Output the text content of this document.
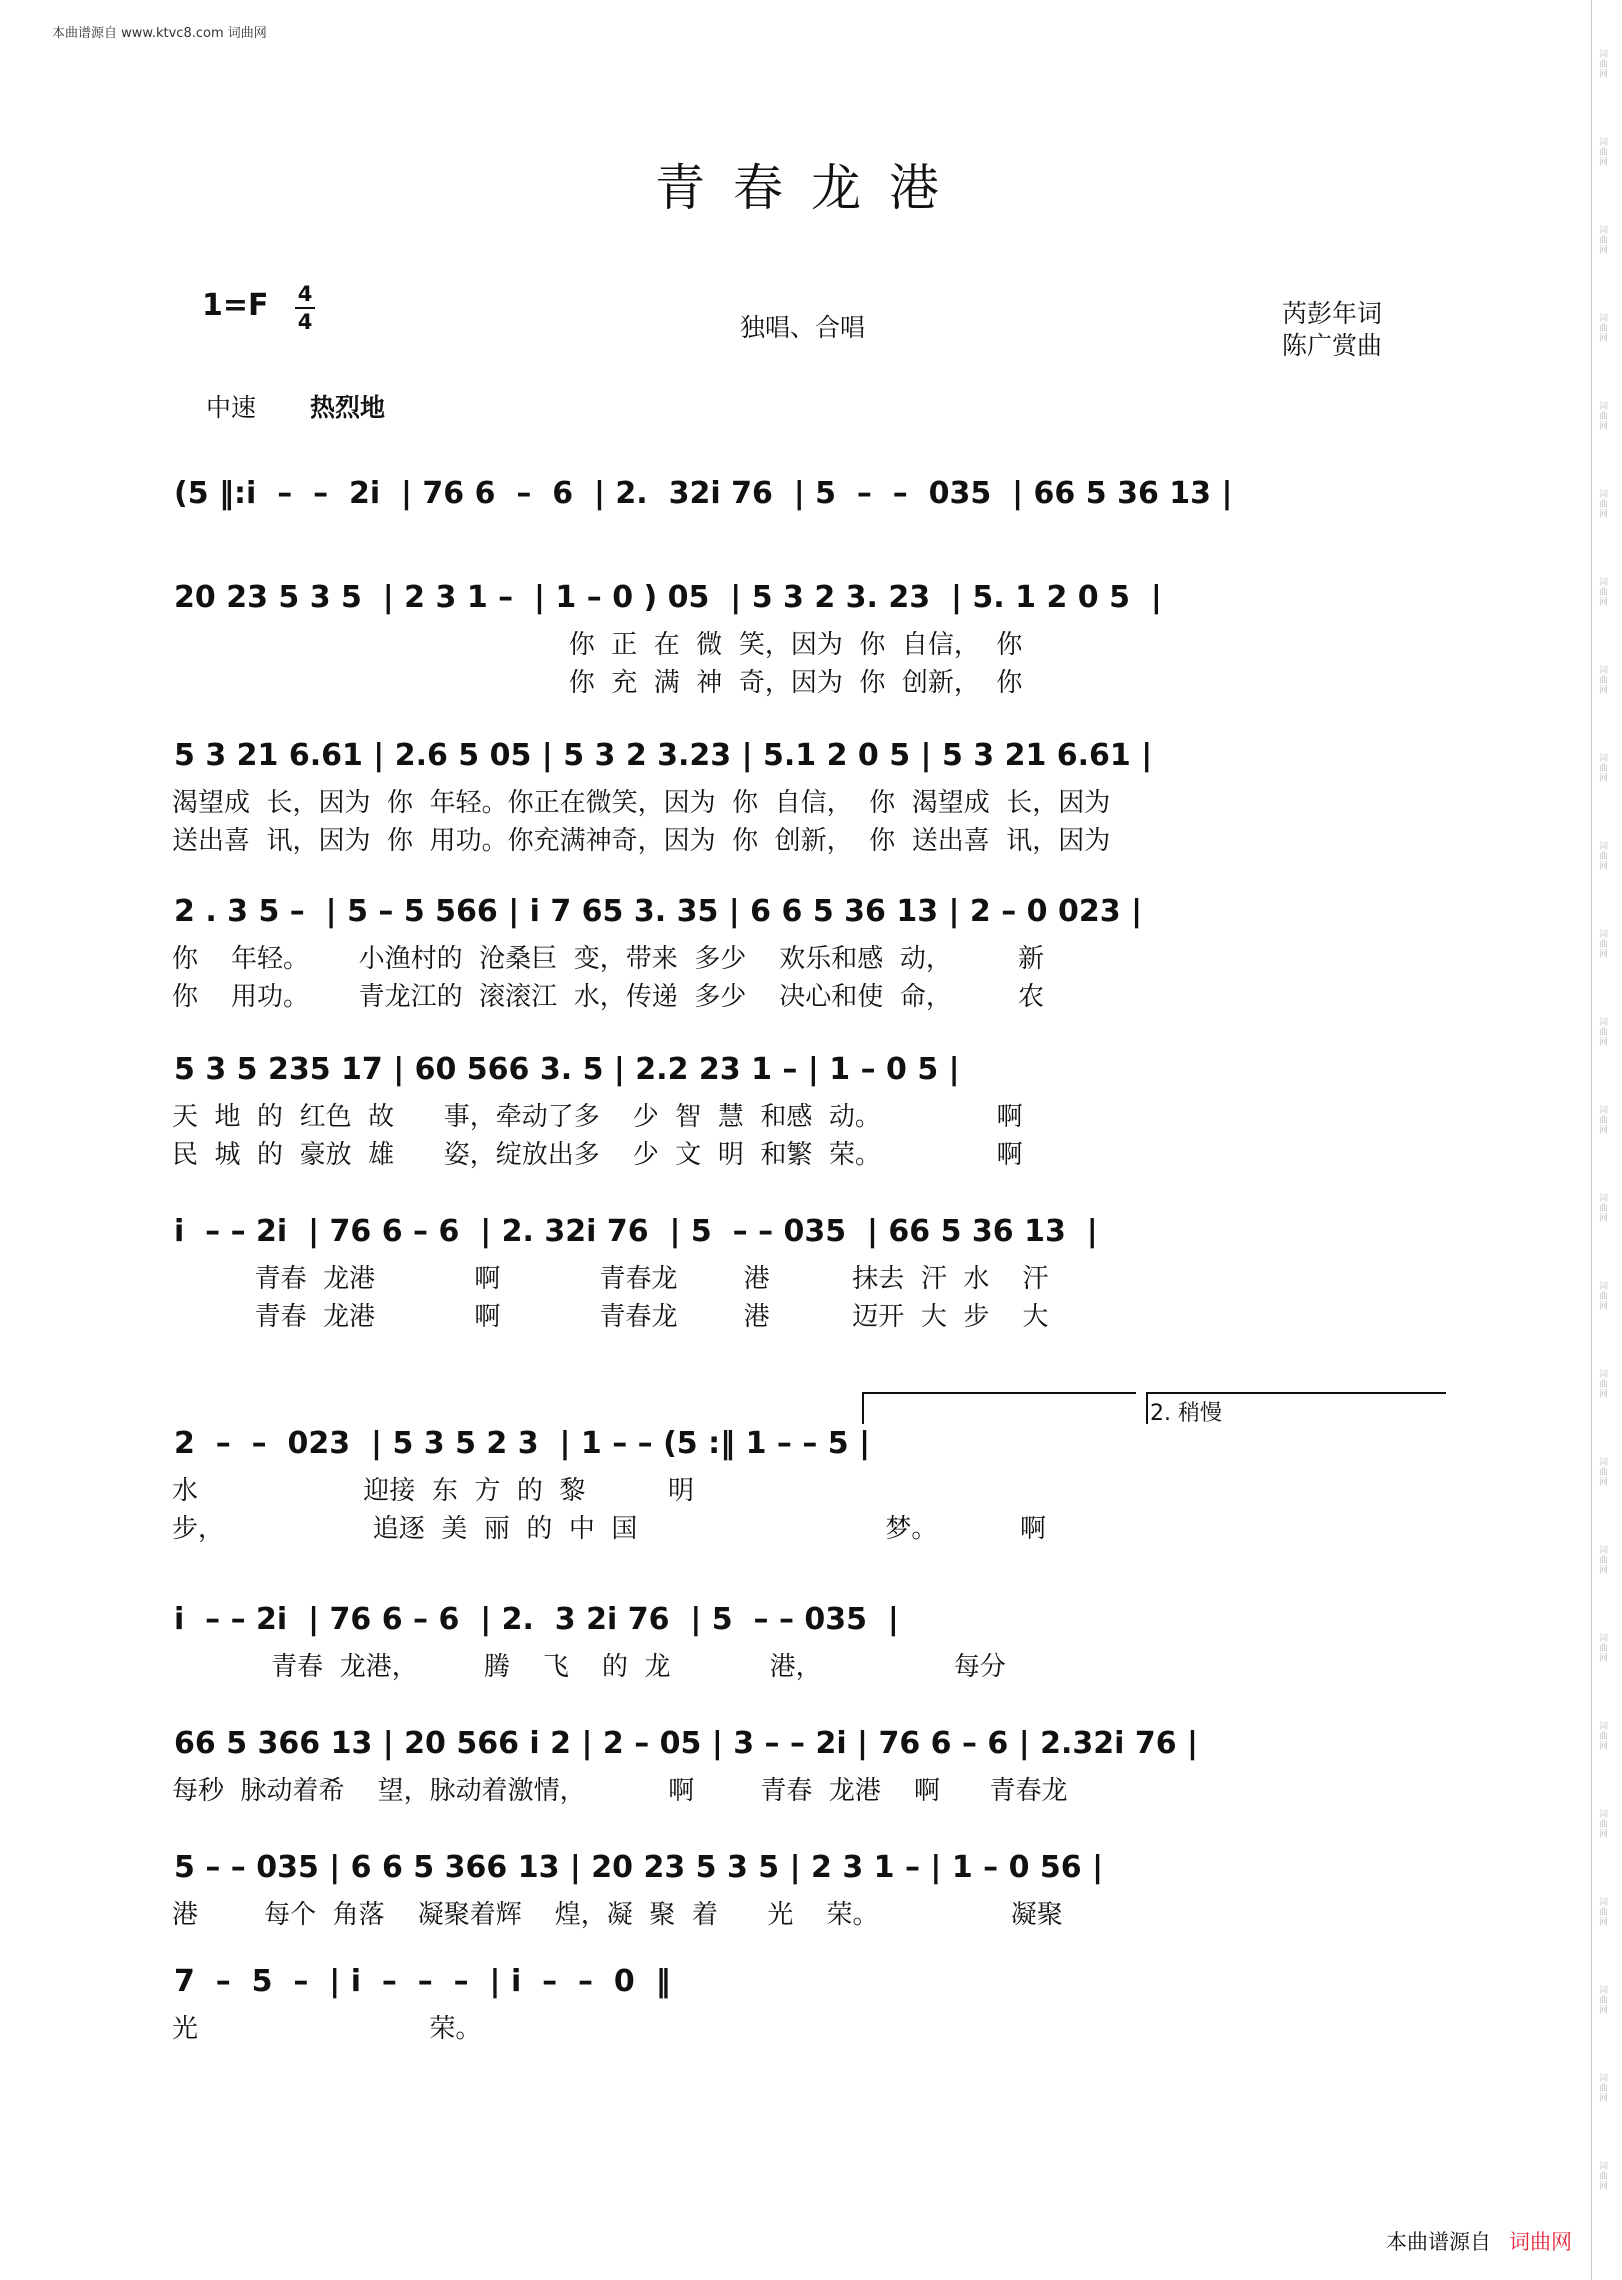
本曲谱源自 www.ktvc8.com 词曲网
词曲网
词曲网
词曲网
词曲网
词曲网
词曲网
词曲网
词曲网
词曲网
词曲网
词曲网
词曲网
词曲网
词曲网
词曲网
词曲网
词曲网
词曲网
词曲网
词曲网
词曲网
词曲网
词曲网
词曲网
词曲网
青春龙港
1=F 4
4	独唱、合唱	芮彭年词
陈广赏曲
中速 热烈地
(5 ‖:i  –  –  2i  | 76 6  –  6  | 2.  32i 76  | 5  –  –  035  | 66 5 36 13 |
20 23 5 3 5  | 2 3 1 –  | 1 – 0 ) 05  | 5 3 2 3. 23  | 5. 1 2 0 5  |
你  正  在  微  笑，因为  你  自信，  你
你  充  满  神  奇，因为  你  创新，  你
5 3 21 6.61 | 2.6 5 05 | 5 3 2 3.23 | 5.1 2 0 5 | 5 3 21 6.61 |
渴望成  长，因为  你  年轻。你正在微笑，因为  你  自信，  你  渴望成  长，因为
送出喜  讯，因为  你  用功。你充满神奇，因为  你  创新，  你  送出喜  讯，因为
2 . 3 5 –  | 5 – 5 566 | i 7 65 3. 35 | 6 6 5 36 13 | 2 – 0 023 |
你    年轻。      小渔村的  沧桑巨  变，带来  多少    欢乐和感  动，        新
你    用功。      青龙江的  滚滚江  水，传递  多少    决心和使  命，        农
5 3 5 235 17 | 60 566 3. 5 | 2.2 23 1 – | 1 – 0 5 |
天  地  的  红色  故      事，牵动了多    少  智  慧  和感  动。              啊
民  城  的  豪放  雄      姿，绽放出多    少  文  明  和繁  荣。              啊
i  – – 2i  | 76 6 – 6  | 2. 32i 76  | 5  – – 035  | 66 5 36 13  |
青春  龙港            啊            青春龙        港          抹去  汗  水    汗
青春  龙港            啊            青春龙        港          迈开  大  步    大
2  –  –  023  | 5 3 5 2 3  | 1 – – (5 :‖ 1 – – 5 |
水                    迎接  东  方  的  黎          明
步，                  追逐  美  丽  的  中  国                              梦。          啊
i  – – 2i  | 76 6 – 6  | 2.  3 2i 76  | 5  – – 035  |
青春  龙港，        腾    飞    的  龙            港，                每分
66 5 366 13 | 20 566 i 2 | 2 – 05 | 3 – – 2i | 76 6 – 6 | 2.32i 76 |
每秒  脉动着希    望，脉动着激情，          啊        青春  龙港    啊      青春龙
5 – – 035 | 6 6 5 366 13 | 20 23 5 3 5 | 2 3 1 – | 1 – 0 56 |
港        每个  角落    凝聚着辉    煌，凝  聚  着      光    荣。                凝聚
7  –  5  –  | i  –  –  –  | i  –  –  0  ‖
光                            荣。
2. 稍慢
本曲谱源自 词曲网
